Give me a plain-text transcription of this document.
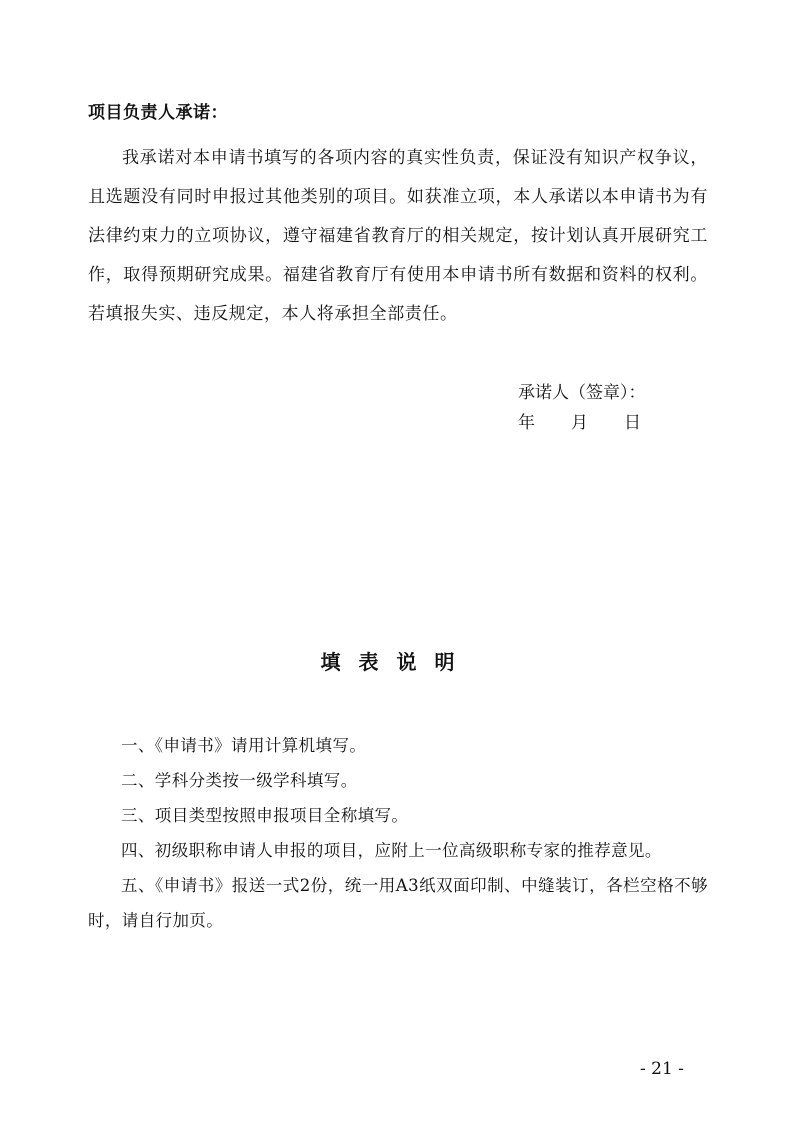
项目负责人承诺：

我承诺对本申请书填写的各项内容的真实性负责，保证没有知识产权争议，且选题没有同时申报过其他类别的项目。如获准立项，本人承诺以本申请书为有法律约束力的立项协议，遵守福建省教育厅的相关规定，按计划认真开展研究工作，取得预期研究成果。福建省教育厅有使用本申请书所有数据和资料的权利。若填报失实、违反规定，本人将承担全部责任。

承诺人（签章）：
年 月 日
填表说明
一、《申请书》请用计算机填写。
二、学科分类按一级学科填写。
三、项目类型按照申报项目全称填写。
四、初级职称申请人申报的项目，应附上一位高级职称专家的推荐意见。
五、《申请书》报送一式2份，统一用A3纸双面印制、中缝装订，各栏空格不够时，请自行加页。
- 21 -
